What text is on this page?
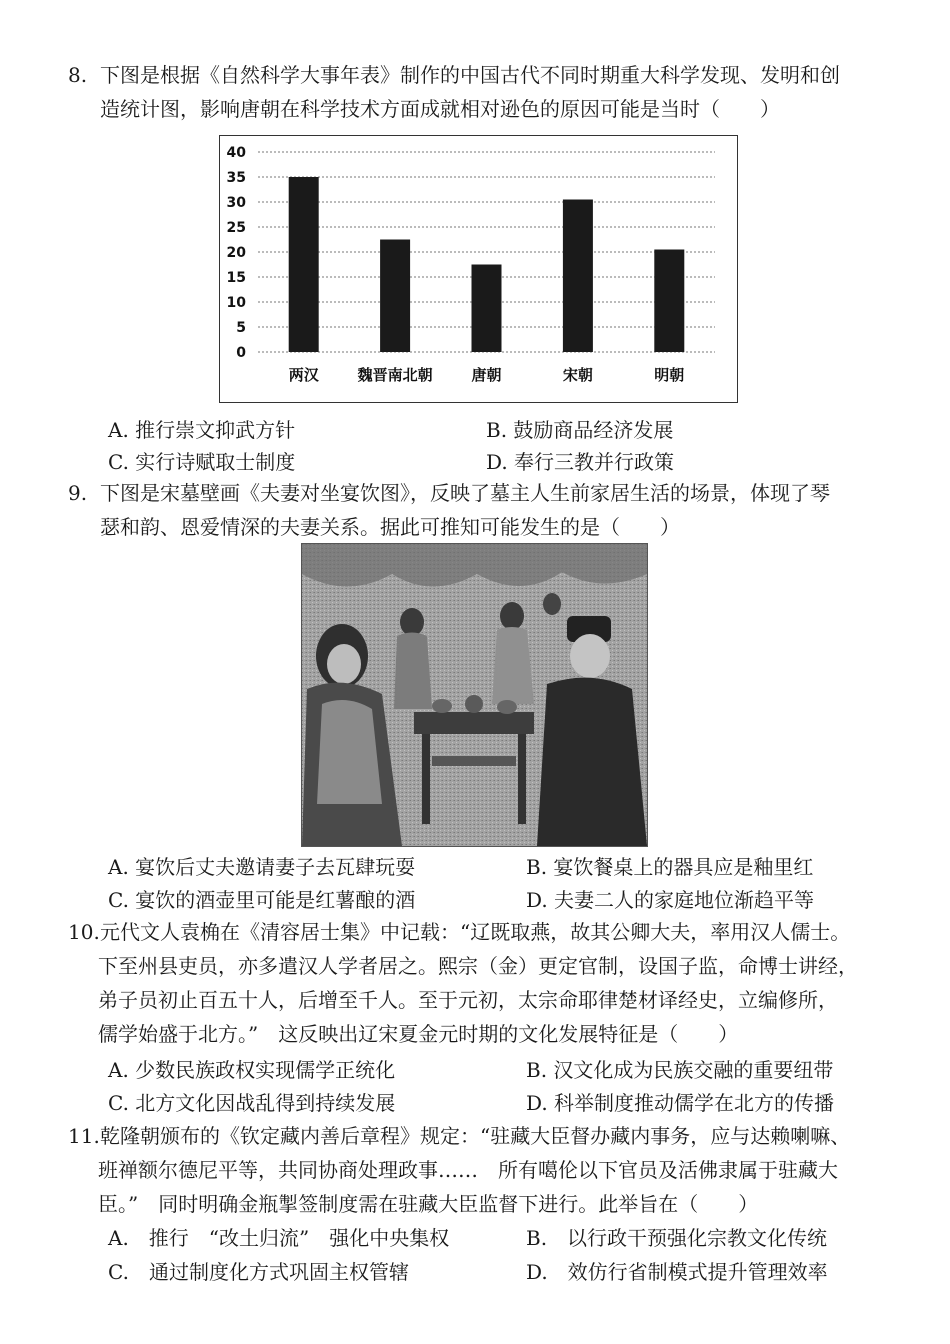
8. 下图是根据《自然科学大事年表》制作的中国古代不同时期重大科学发现、发明和创
造统计图，影响唐朝在科学技术方面成就相对逊色的原因可能是当时（　　）
40
35
30
25
20
15
10
5
0
两汉	魏晋南北朝	唐朝	宋朝	明朝
A. 推行崇文抑武方针	B. 鼓励商品经济发展
C. 实行诗赋取士制度	D. 奉行三教并行政策
9. 下图是宋墓壁画《夫妻对坐宴饮图》，反映了墓主人生前家居生活的场景，体现了琴
瑟和韵、恩爱情深的夫妻关系。据此可推知可能发生的是（　　）
A. 宴饮后丈夫邀请妻子去瓦肆玩耍	B. 宴饮餐桌上的器具应是釉里红
C. 宴饮的酒壶里可能是红薯酿的酒	D. 夫妻二人的家庭地位渐趋平等
10. 元代文人袁桷在《清容居士集》中记载：“辽既取燕，故其公卿大夫，率用汉人儒士。
下至州县吏员，亦多遣汉人学者居之。熙宗（金）更定官制，设国子监，命博士讲经，
弟子员初止百五十人，后增至千人。至于元初，太宗命耶律楚材译经史，立编修所，
儒学始盛于北方。”　这反映出辽宋夏金元时期的文化发展特征是（　　）
A. 少数民族政权实现儒学正统化	B. 汉文化成为民族交融的重要纽带
C. 北方文化因战乱得到持续发展	D. 科举制度推动儒学在北方的传播
11. 乾隆朝颁布的《钦定藏内善后章程》规定：“驻藏大臣督办藏内事务，应与达赖喇嘛、
班禅额尔德尼平等，共同协商处理政事……　所有噶伦以下官员及活佛隶属于驻藏大
臣。”　同时明确金瓶掣签制度需在驻藏大臣监督下进行。此举旨在（　　）
A.　推行　“改土归流”　强化中央集权	B.　以行政干预强化宗教文化传统
C.　通过制度化方式巩固主权管辖	D.　效仿行省制模式提升管理效率
